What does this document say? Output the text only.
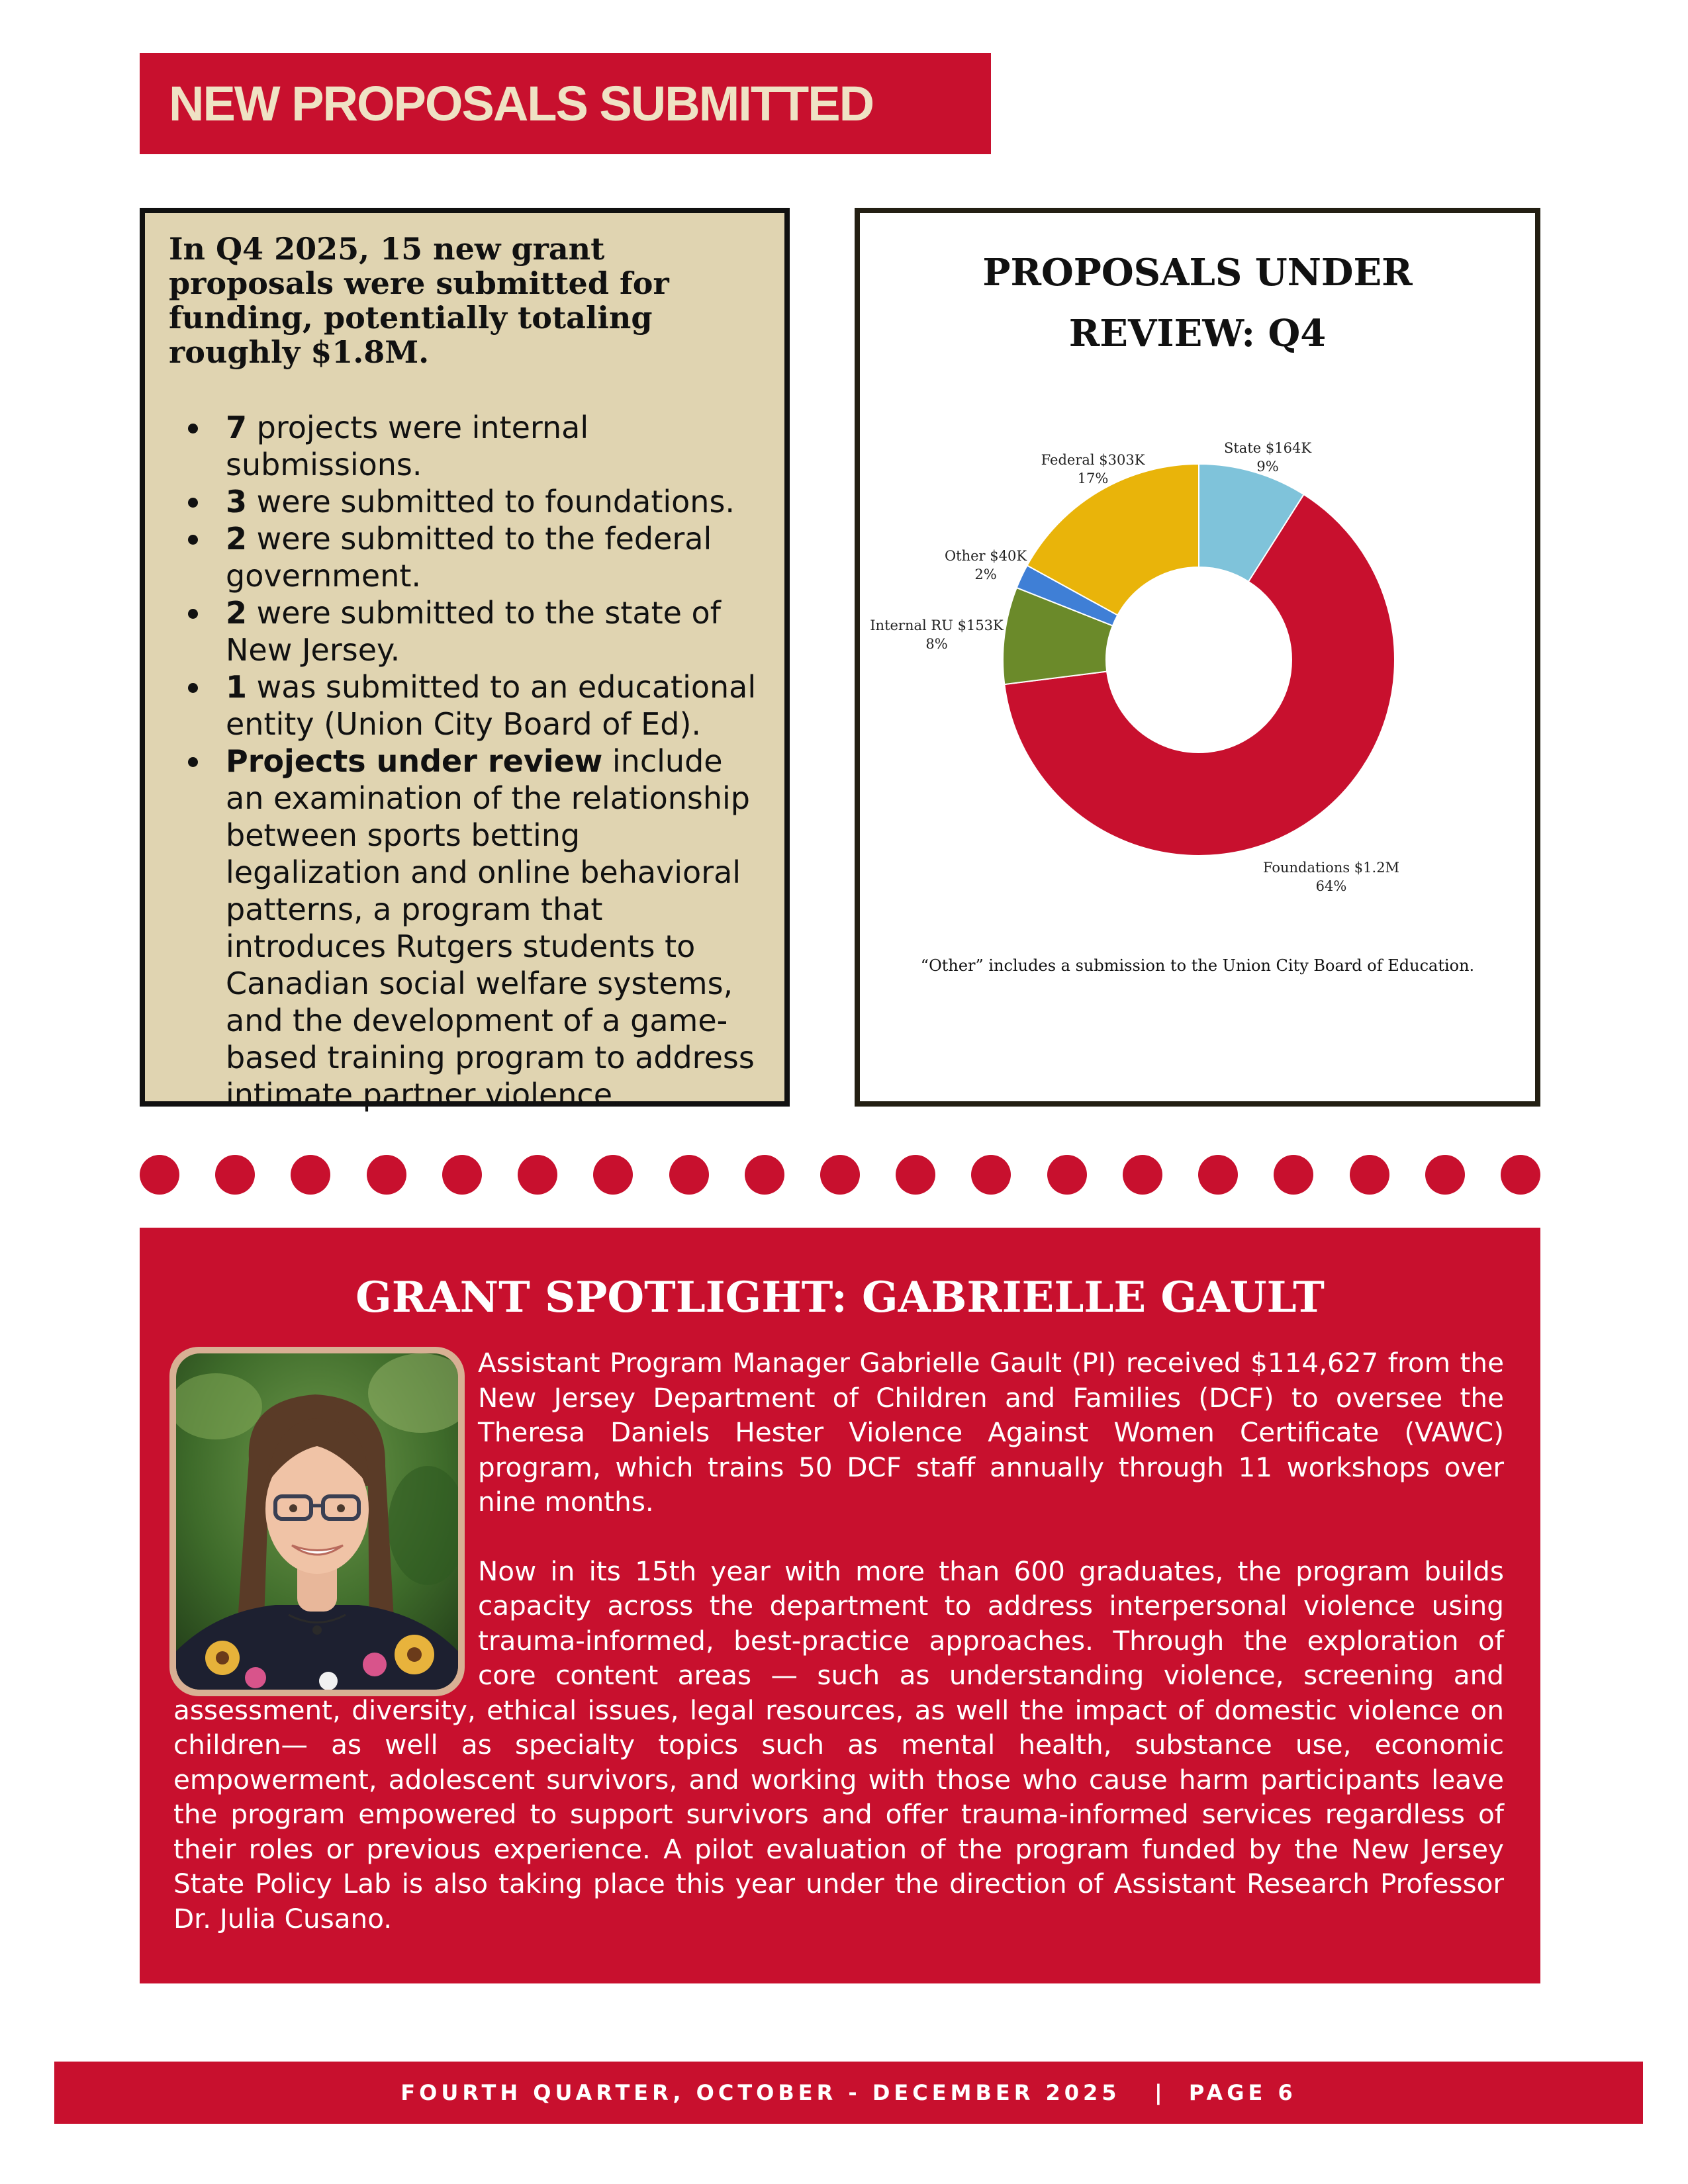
NEW PROPOSALS SUBMITTED

In Q4 2025, 15 new grant proposals were submitted for funding, potentially totaling roughly $1.8M.

7 projects were internal submissions.
3 were submitted to foundations.
2 were submitted to the federal government.
2 were submitted to the state of New Jersey.
1 was submitted to an educational entity (Union City Board of Ed).
Projects under review include an examination of the relationship between sports betting legalization and online behavioral patterns, a program that introduces Rutgers students to Canadian social welfare systems, and the development of a game-based training program to address intimate partner violence.
PROPOSALS UNDER
REVIEW: Q4
State $164K
9%
Foundations $1.2M
64%
Internal RU $153K
8%
Other $40K
2%
Federal $303K
17%
“Other” includes a submission to the Union City Board of Education.
GRANT SPOTLIGHT: GABRIELLE GAULT

Assistant Program Manager Gabrielle Gault (PI) received $114,627 from the New Jersey Department of Children and Families (DCF) to oversee the Theresa Daniels Hester Violence Against Women Certificate (VAWC) program, which trains 50 DCF staff annually through 11 workshops over nine months.

Now in its 15th year with more than 600 graduates, the program builds capacity across the department to address interpersonal violence using trauma-informed, best-practice approaches. Through the exploration of core content areas — such as understanding violence, screening and assessment, diversity, ethical issues, legal resources, as well the impact of domestic violence on children— as well as specialty topics such as mental health, substance use, economic empowerment, adolescent survivors, and working with those who cause harm participants leave the program empowered to support survivors and offer trauma-informed services regardless of their roles or previous experience. A pilot evaluation of the program funded by the New Jersey State Policy Lab is also taking place this year under the direction of Assistant Research Professor Dr. Julia Cusano.

FOURTH QUARTER, OCTOBER - DECEMBER 2025   |  PAGE 6
